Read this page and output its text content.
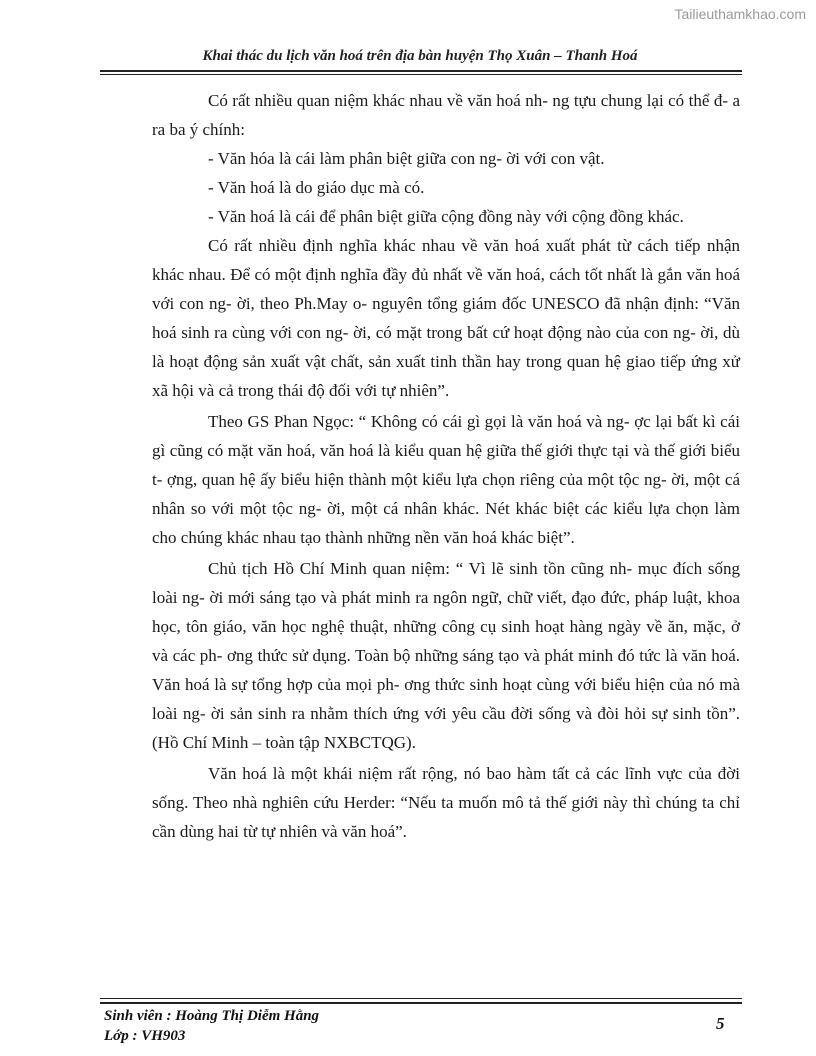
Tailieuthamkhao.com
Khai thác du lịch văn hoá trên địa bàn huyện Thọ Xuân – Thanh Hoá

Có rất nhiều quan niệm khác nhau về văn hoá nh- ng tựu chung lại có thể đ- a ra ba ý chính:

- Văn hóa là cái làm phân biệt giữa con ng- ời với con vật.

- Văn hoá là do giáo dục mà có.

- Văn hoá là cái để phân biệt giữa cộng đồng này với cộng đồng khác.

Có rất nhiều định nghĩa khác nhau về văn hoá xuất phát từ cách tiếp nhận khác nhau. Để có một định nghĩa đầy đủ nhất về văn hoá, cách tốt nhất là gắn văn hoá với con ng- ời, theo Ph.May o- nguyên tổng giám đốc UNESCO đã nhận định: “Văn hoá sinh ra cùng với con ng- ời, có mặt trong bất cứ hoạt động nào của con ng- ời, dù là hoạt động sản xuất vật chất, sản xuất tinh thần hay trong quan hệ giao tiếp ứng xử xã hội và cả trong thái độ đối với tự nhiên”.

Theo GS Phan Ngọc: “ Không có cái gì gọi là văn hoá và ng- ợc lại bất kì cái gì cũng có mặt văn hoá, văn hoá là kiểu quan hệ giữa thế giới thực tại và thế giới biểu t- ợng, quan hệ ấy biểu hiện thành một kiểu lựa chọn riêng của một tộc ng- ời, một cá nhân so với một tộc ng- ời, một cá nhân khác. Nét khác biệt các kiểu lựa chọn làm cho chúng khác nhau tạo thành những nền văn hoá khác biệt”.

Chủ tịch Hồ Chí Minh quan niệm: “ Vì lẽ sinh tồn cũng nh- mục đích sống loài ng- ời mới sáng tạo và phát minh ra ngôn ngữ, chữ viết, đạo đức, pháp luật, khoa học, tôn giáo, văn học nghệ thuật, những công cụ sinh hoạt hàng ngày về ăn, mặc, ở và các ph- ơng thức sử dụng. Toàn bộ những sáng tạo và phát minh đó tức là văn hoá. Văn hoá là sự tổng hợp của mọi ph- ơng thức sinh hoạt cùng với biểu hiện của nó mà loài ng- ời sản sinh ra nhằm thích ứng với yêu cầu đời sống và đòi hỏi sự sinh tồn”. (Hồ Chí Minh – toàn tập NXBCTQG).

Văn hoá là một khái niệm rất rộng, nó bao hàm tất cả các lĩnh vực của đời sống. Theo nhà nghiên cứu Herder: “Nếu ta muốn mô tả thế giới này thì chúng ta chỉ cần dùng hai từ tự nhiên và văn hoá”.

Sinh viên : Hoàng Thị Diễm Hằng
Lớp : VH903
5
